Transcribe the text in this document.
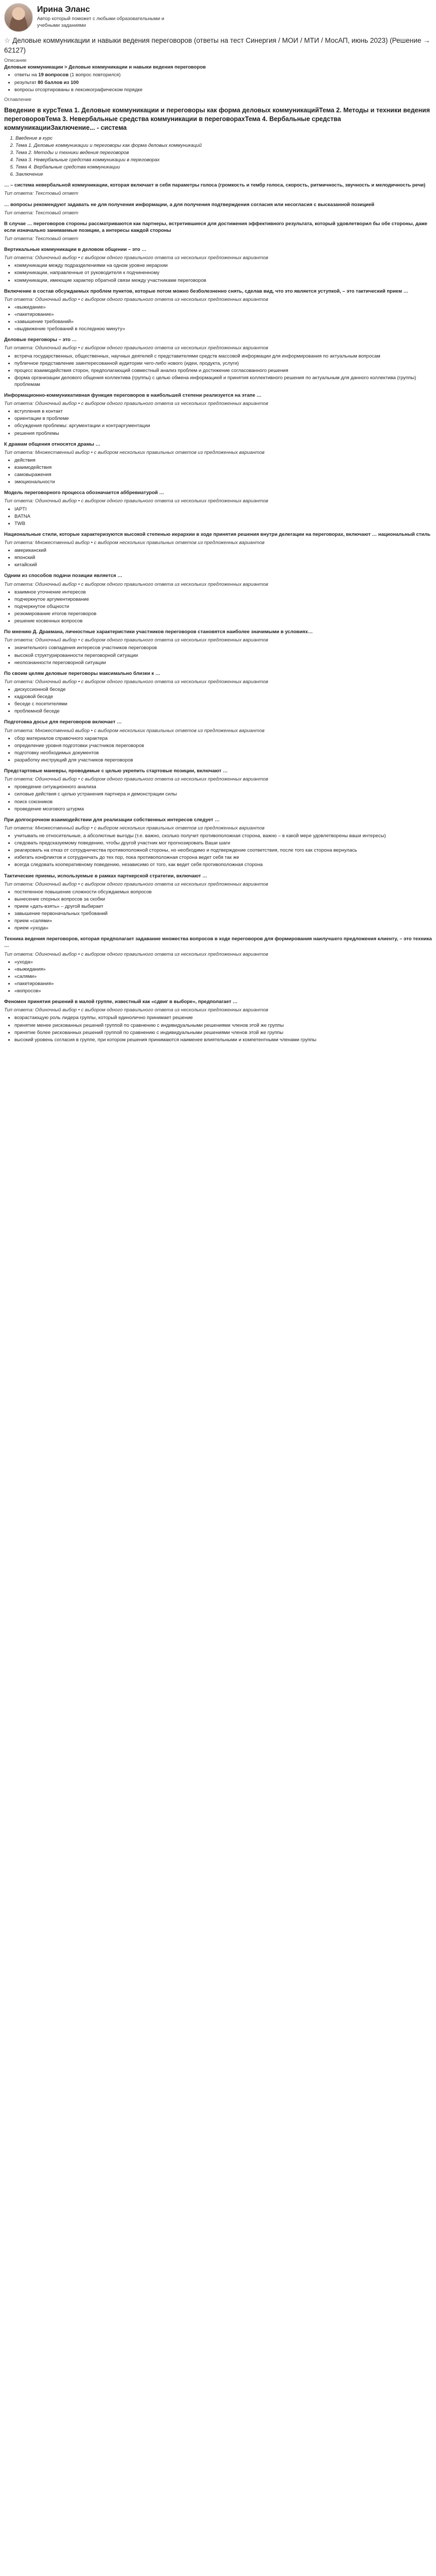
Ирина Эланс
Автор который поможет с любыми образовательными и учебными заданиями
☆ Деловые коммуникации и навыки ведения переговоров (ответы на тест Синергия / МОИ / МТИ / МосАП, июнь 2023) (Решение → 62127)
Описание
Деловые коммуникации > Деловые коммуникации и навыки ведения переговоров
• ответы на 19 вопросов (1 вопрос повторился)
• результат 80 баллов из 100
• вопросы отсортированы в лексикографическом порядке
Оглавление
Введение в курсТема 1. Деловые коммуникации и переговоры как форма деловых коммуникацийТема 2. Методы и техники ведения переговоровТема 3. Невербальные средства коммуникации в переговорахТема 4. Вербальные средства коммуникацииЗаключение... - система
1. Введение в курс
2. Тема 1. Деловые коммуникации и переговоры как форма деловых коммуникаций
3. Тема 2. Методы и техники ведения переговоров
4. Тема 3. Невербальные средства коммуникации в переговорах
5. Тема 4. Вербальные средства коммуникации
6. Заключение
… – система невербальной коммуникации, которая включает в себя параметры голоса (громкость и тембр голоса, скорость, ритмичность, звучность и мелодичность речи)
Тип ответа: Текстовый ответ
… вопросы рекомендуют задавать не для получения информации, а для получения подтверждения согласия или несогласия с высказанной позицией
Тип ответа: Текстовый ответ
В случае … переговоров стороны рассматриваются как партнеры, встретившиеся для достижения эффективного результата, который удовлетворил бы обе стороны, даже если изначально занимаемые позиции, а интересы каждой стороны
Тип ответа: Текстовый ответ
Вертикальные коммуникации в деловом общении – это …
Тип ответа: Одиночный выбор • с выбором одного правильного ответа из нескольких предложенных вариантов
• коммуникации между подразделениями на одном уровне иерархии
• коммуникации, направленные от руководителя к подчиненному
• коммуникации, имеющие характер обратной связи между участниками переговоров
Включение в состав обсуждаемых проблем пунктов, которые потом можно безболезненно снять, сделав вид, что это является уступкой, – это тактический прием …
Тип ответа: Одиночный выбор • с выбором одного правильного ответа из нескольких предложенных вариантов
• «выжидание»
• «пакетирование»
• «завышение требований»
• «выдвижение требований в последнюю минуту»
Деловые переговоры – это …
Тип ответа: Одиночный выбор • с выбором одного правильного ответа из нескольких предложенных вариантов
• встреча государственных, общественных, научных деятелей с представителями средств массовой информации для информирования по актуальным вопросам
• публичное представление заинтересованной аудитории чего-либо нового (идеи, продукта, услуги)
• процесс взаимодействия сторон, предполагающий совместный анализ проблем и достижение согласованного решения
• форма организации делового общения коллектива (группы) с целью обмена информацией и принятия коллективного решения по актуальным для данного коллектива (группы) проблемам
Информационно-коммуникативная функция переговоров в наибольшей степени реализуется на этапе …
Тип ответа: Одиночный выбор • с выбором одного правильного ответа из нескольких предложенных вариантов
• вступления в контакт
• ориентации в проблеме
• обсуждения проблемы: аргументации и контраргументации
• решения проблемы
К драмам общения относятся драмы …
Тип ответа: Множественный выбор • с выбором нескольких правильных ответов из предложенных вариантов
• действия
• взаимодействия
• самовыражения
• эмоциональности
Модель переговорного процесса обозначается аббревиатурой …
Тип ответа: Одиночный выбор • с выбором одного правильного ответа из нескольких предложенных вариантов
• IAPTI
• BATNA
• TWB
Национальные стили, которые характеризуются высокой степенью иерархии в ходе принятия решения внутри делегации на переговорах, включают … национальный стиль
Тип ответа: Множественный выбор • с выбором нескольких правильных ответов из предложенных вариантов
• американский
• японский
• китайский
Одним из способов подачи позиции является …
Тип ответа: Одиночный выбор • с выбором одного правильного ответа из нескольких предложенных вариантов
• взаимное уточнение интересов
• подчеркнутое аргументирование
• подчеркнутое общности
• резюмирование итогов переговоров
• решение косвенных вопросов
По мнению Д. Дракмана, личностные характеристики участников переговоров становятся наиболее значимыми в условиях…
Тип ответа: Одиночный выбор • с выбором одного правильного ответа из нескольких предложенных вариантов
• значительного совпадения интересов участников переговоров
• высокой структурированности переговорной ситуации
• неопознанности переговорной ситуации
По своим целям деловые переговоры максимально близки к …
Тип ответа: Одиночный выбор • с выбором одного правильного ответа из нескольких предложенных вариантов
• дискуссионной беседе
• кадровой беседе
• беседе с посетителями
• проблемной беседе
Подготовка досье для переговоров включает …
Тип ответа: Множественный выбор • с выбором нескольких правильных ответов из предложенных вариантов
• сбор материалов справочного характера
• определение уровня подготовки участников переговоров
• подготовку необходимых документов
• разработку инструкций для участников переговоров
Предстартовые маневры, проводимые с целью укрепить стартовые позиции, включают …
Тип ответа: Одиночный выбор • с выбором одного правильного ответа из нескольких предложенных вариантов
• проведение ситуационного анализа
• силовые действия с целью устранения партнера и демонстрации силы
• поиск союзников
• проведение мозгового штурма
При долгосрочном взаимодействии для реализации собственных интересов следует …
Тип ответа: Множественный выбор • с выбором нескольких правильных ответов из предложенных вариантов
• учитывать не относительные, а абсолютные выгоды (т.е. важно, сколько получит противоположная сторона, важно – в какой мере удовлетворены ваши интересы)
• следовать предсказуемому поведению, чтобы другой участник мог прогнозировать Ваши шаги
• реагировать на отказ от сотрудничества противоположной стороны, но необходимо и подтверждение соответствия, после того как сторона вернулась
• избегать конфликтов и сотрудничать до тех пор, пока противоположная сторона ведет себя так же
• всегда следовать кооперативному поведению, независимо от того, как ведет себя противоположная сторона
Тактические приемы, используемые в рамках партнерской стратегии, включают …
Тип ответа: Одиночный выбор • с выбором одного правильного ответа из нескольких предложенных вариантов
• постепенное повышение сложности обсуждаемых вопросов
• вынесение спорных вопросов за скобки
• прием «дать-взять» – другой выбирает
• завышение первоначальных требований
• прием «салями»
• прием «ухода»
Техника ведения переговоров, которая предполагает задавание множества вопросов в ходе переговоров для формирования наилучшего предложения клиенту, – это техника …
Тип ответа: Одиночный выбор • с выбором одного правильного ответа из нескольких предложенных вариантов
• «ухода»
• «выжидания»
• «салями»
• «пакетирования»
• «вопросов»
Феномен принятия решений в малой группе, известный как «сдвиг в выборе», предполагает …
Тип ответа: Одиночный выбор • с выбором одного правильного ответа из нескольких предложенных вариантов
• возрастающую роль лидера группы, который единолично принимает решение
• принятие менее рискованных решений группой по сравнению с индивидуальными решениями членов этой же группы
• принятие более рискованных решений группой по сравнению с индивидуальными решениями членов этой же группы
• высокий уровень согласия в группе, при котором решения принимаются наименее влиятельными и компетентными членами группы
